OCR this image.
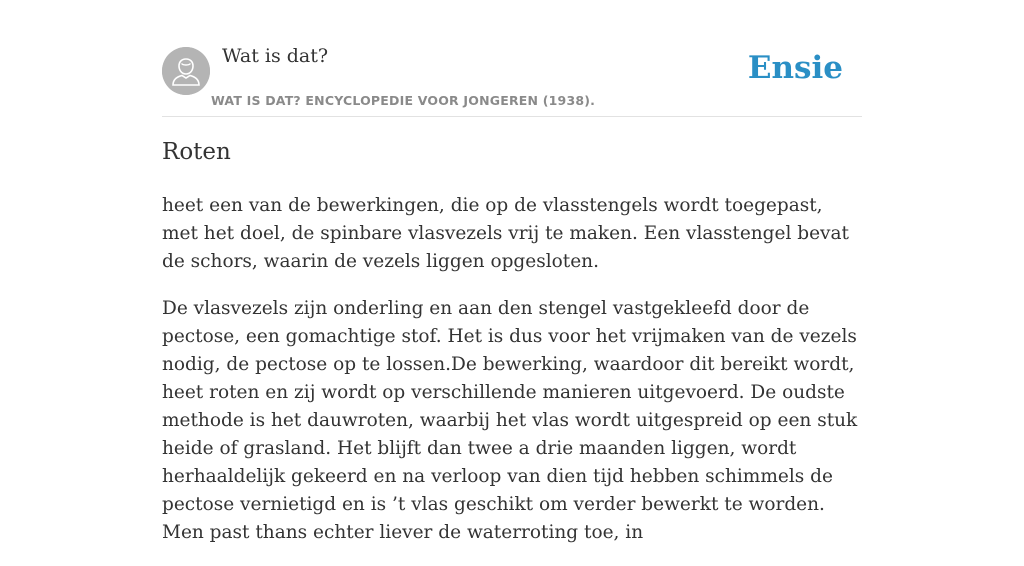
Wat is dat?
WAT IS DAT? ENCYCLOPEDIE VOOR JONGEREN (1938).
Ensie
Roten

heet een van de bewerkingen, die op de vlasstengels wordt toegepast, met het doel, de spinbare vlasvezels vrij te maken. Een vlasstengel bevat de schors, waarin de vezels liggen opgesloten.

De vlasvezels zijn onderling en aan den stengel vastgekleefd door de pectose, een gomachtige stof. Het is dus voor het vrijmaken van de vezels nodig, de pectose op te lossen.De bewerking, waardoor dit bereikt wordt, heet roten en zij wordt op verschillende manieren uitgevoerd. De oudste methode is het dauwroten, waarbij het vlas wordt uitgespreid op een stuk heide of grasland. Het blijft dan twee a drie maanden liggen, wordt herhaaldelijk gekeerd en na verloop van dien tijd hebben schimmels de pectose vernietigd en is ’t vlas geschikt om verder bewerkt te worden. Men past thans echter liever de waterroting toe, in
